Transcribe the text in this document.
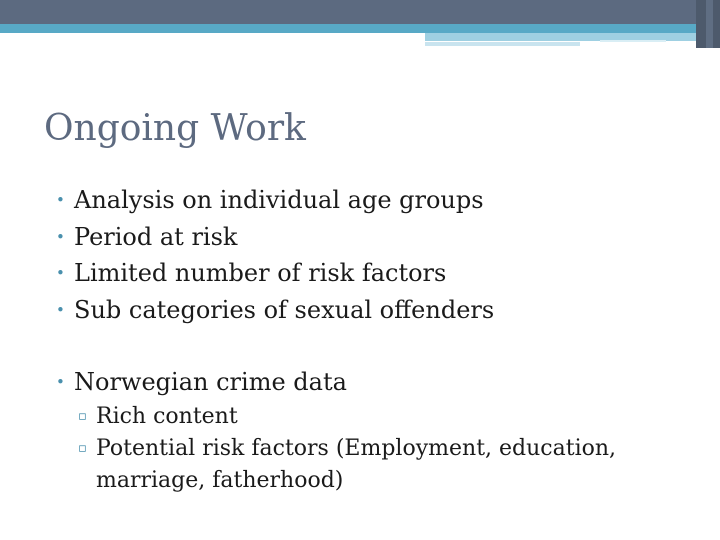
Ongoing Work
• Analysis on individual age groups
• Period at risk
• Limited number of risk factors
• Sub categories of sexual offenders
• Norwegian crime data
▫ Rich content
▫ Potential risk factors (Employment, education, marriage, fatherhood)
